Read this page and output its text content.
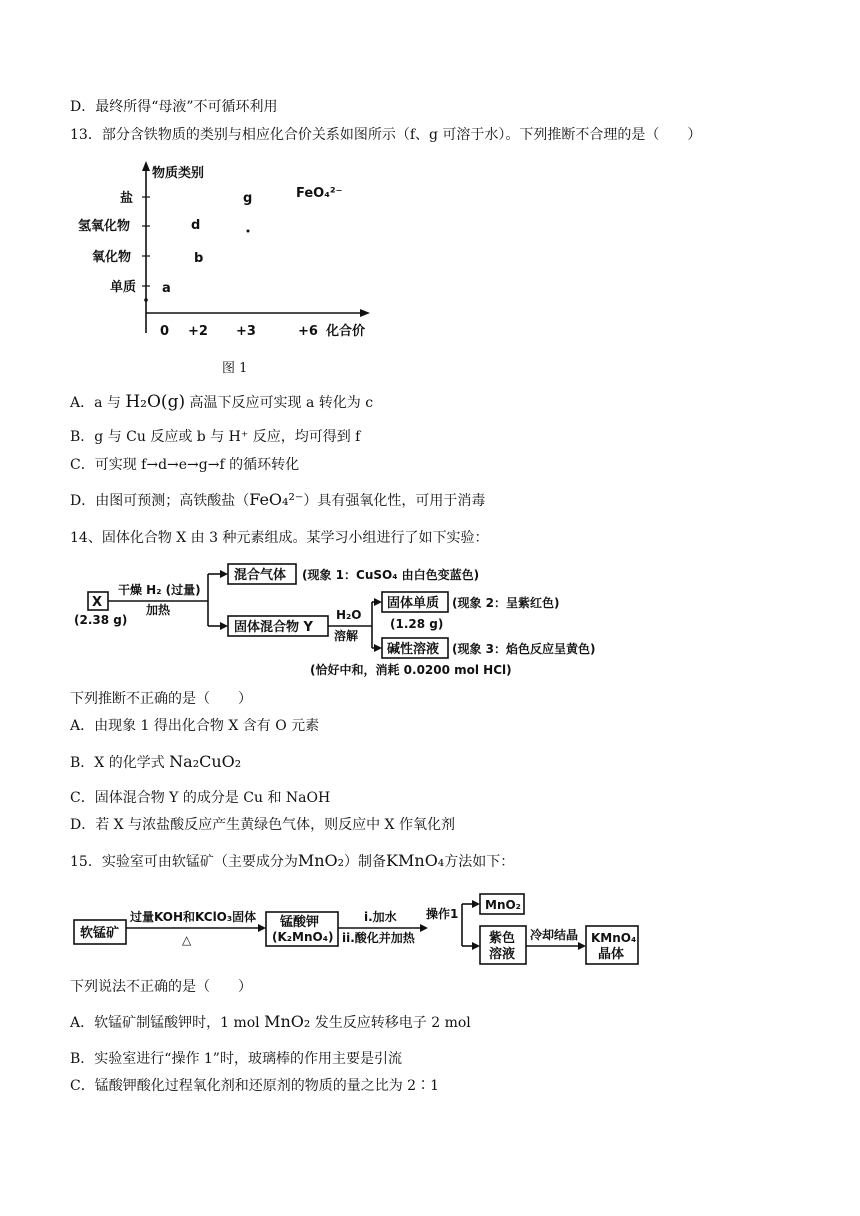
D．最终所得“母液”不可循环利用
13．部分含铁物质的类别与相应化合价关系如图所示（f、g 可溶于水）。下列推断不合理的是（　　）
物质类别
化合价
盐
氢氧化物
氧化物
单质
0 +2 +3	+6
a
b
d
g	FeO₄²⁻
图 1
A．a 与 H₂O(g) 高温下反应可实现 a 转化为 c
B．g 与 Cu 反应或 b 与 H⁺ 反应，均可得到 f
C．可实现 f→d→e→g→f 的循环转化
D．由图可预测；高铁酸盐（FeO₄²⁻）具有强氧化性，可用于消毒
14、固体化合物 X 由 3 种元素组成。某学习小组进行了如下实验：
X
(2.38 g)
干燥 H₂ (过量)
加热
混合气体 (现象 1：CuSO₄ 由白色变蓝色)
固体混合物 Y
H₂O
溶解
固体单质 (现象 2：呈紫红色)
(1.28 g)
碱性溶液 (现象 3：焰色反应呈黄色)
(恰好中和，消耗 0.0200 mol HCl)
下列推断不正确的是（　　）
A．由现象 1 得出化合物 X 含有 O 元素
B．X 的化学式 Na₂CuO₂
C．固体混合物 Y 的成分是 Cu 和 NaOH
D．若 X 与浓盐酸反应产生黄绿色气体，则反应中 X 作氧化剂
15．实验室可由软锰矿（主要成分为MnO₂）制备KMnO₄方法如下：
软锰矿
过量KOH和KClO₃固体
△
锰酸钾
(K₂MnO₄)
i.加水
ii.酸化并加热
操作1
MnO₂
紫色
溶液
冷却结晶 KMnO₄
晶体
下列说法不正确的是（　　）
A．软锰矿制锰酸钾时，1 mol MnO₂ 发生反应转移电子 2 mol
B．实验室进行“操作 1”时，玻璃棒的作用主要是引流
C．锰酸钾酸化过程氧化剂和还原剂的物质的量之比为 2∶1
